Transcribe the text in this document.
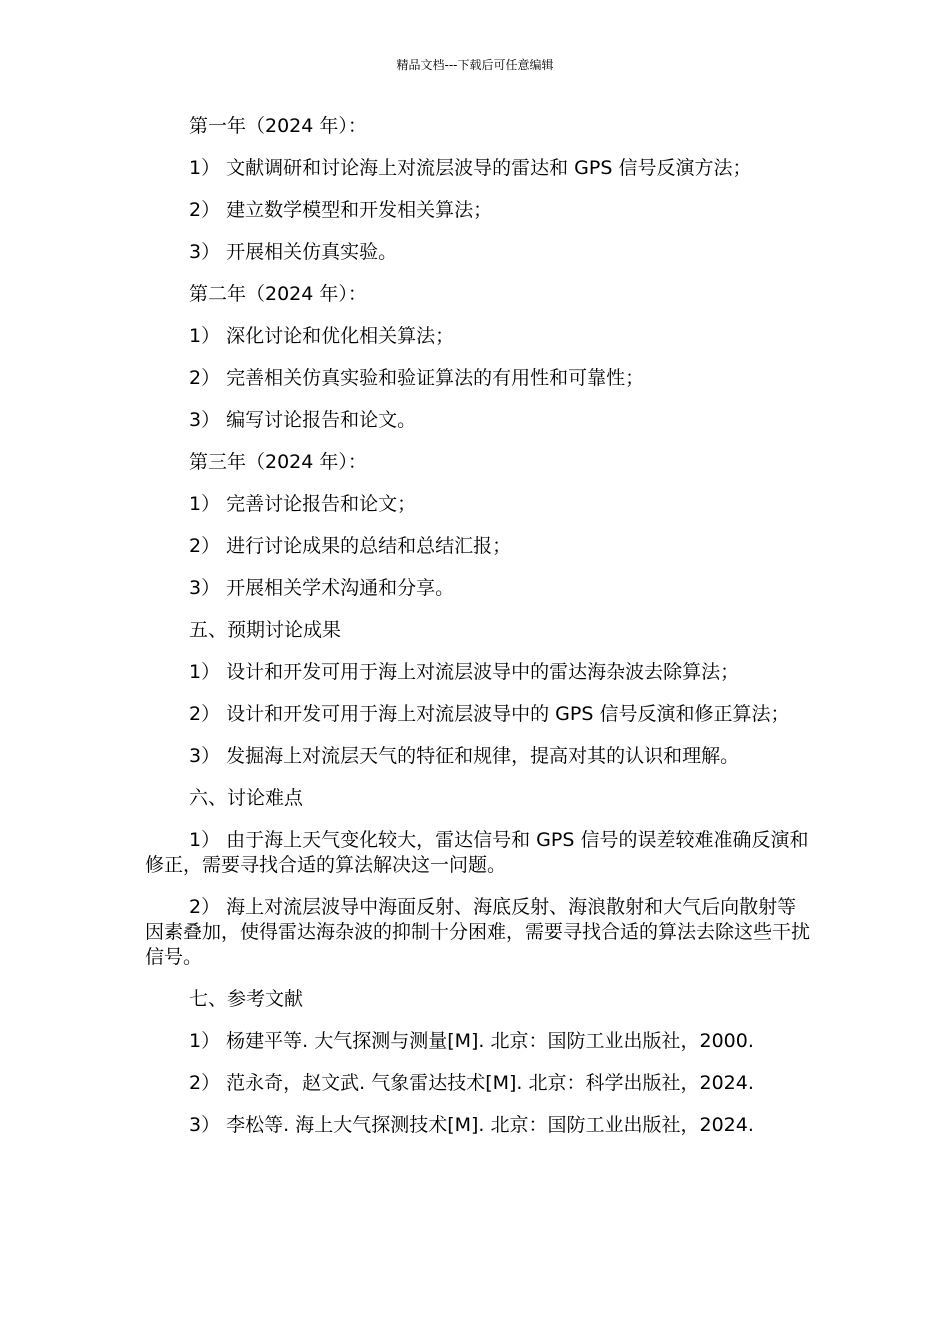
精品文档---下载后可任意编辑

第一年（2024 年）：

1） 文献调研和讨论海上对流层波导的雷达和 GPS 信号反演方法；

2） 建立数学模型和开发相关算法；

3） 开展相关仿真实验。

第二年（2024 年）：

1） 深化讨论和优化相关算法；

2） 完善相关仿真实验和验证算法的有用性和可靠性；

3） 编写讨论报告和论文。

第三年（2024 年）：

1） 完善讨论报告和论文；

2） 进行讨论成果的总结和总结汇报；

3） 开展相关学术沟通和分享。

五、预期讨论成果

1） 设计和开发可用于海上对流层波导中的雷达海杂波去除算法；

2） 设计和开发可用于海上对流层波导中的 GPS 信号反演和修正算法；

3） 发掘海上对流层天气的特征和规律，提高对其的认识和理解。

六、讨论难点

1） 由于海上天气变化较大，雷达信号和 GPS 信号的误差较难准确反演和修正，需要寻找合适的算法解决这一问题。

2） 海上对流层波导中海面反射、海底反射、海浪散射和大气后向散射等因素叠加，使得雷达海杂波的抑制十分困难，需要寻找合适的算法去除这些干扰信号。

七、参考文献

1） 杨建平等. 大气探测与测量[M]. 北京：国防工业出版社，2000.

2） 范永奇，赵文武. 气象雷达技术[M]. 北京：科学出版社，2024.

3） 李松等. 海上大气探测技术[M]. 北京：国防工业出版社，2024.
